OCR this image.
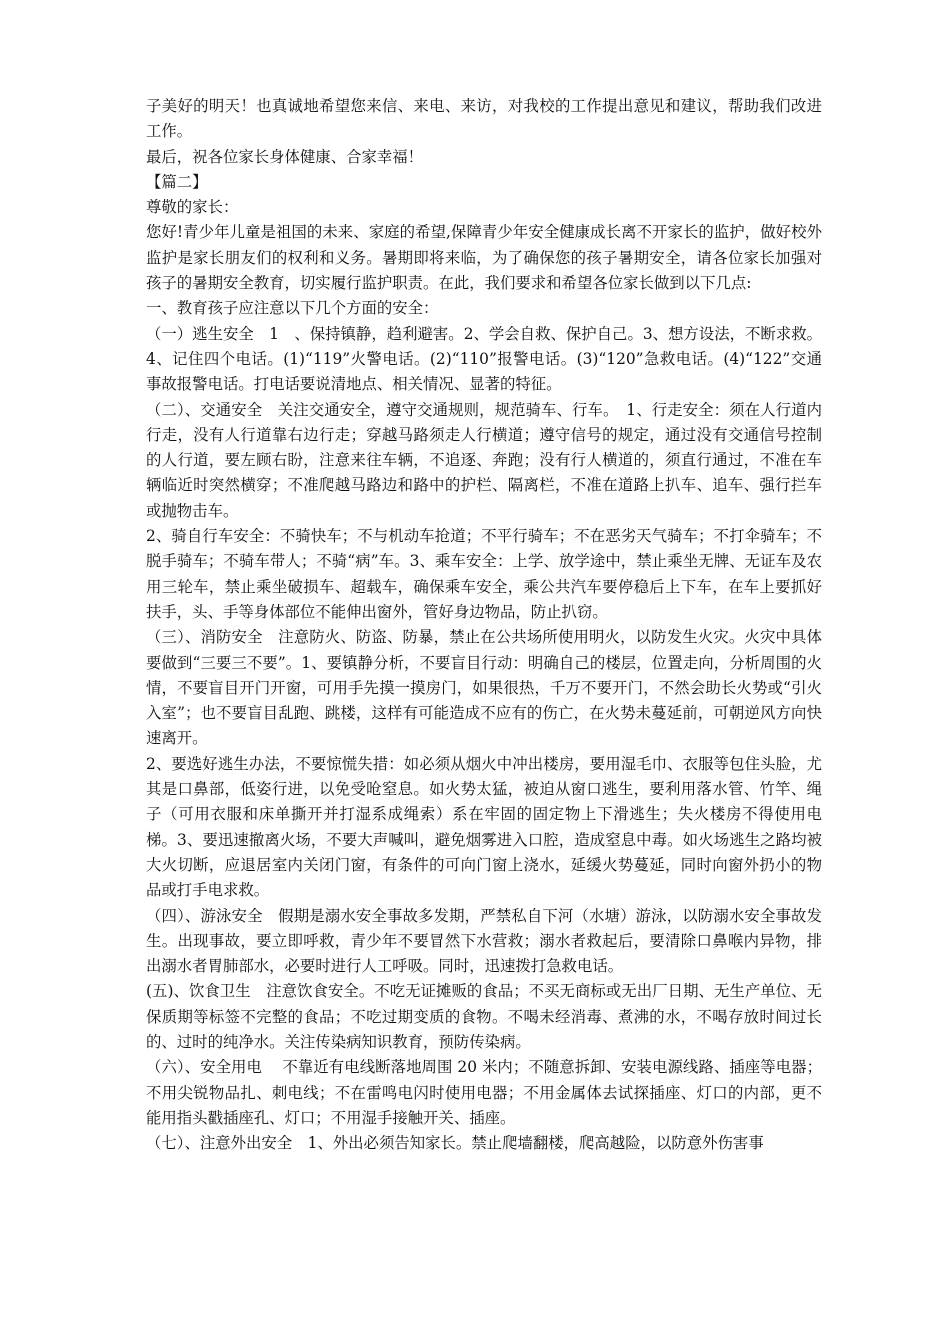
子美好的明天！也真诚地希望您来信、来电、来访，对我校的工作提出意见和建议，帮助我们改进工作。

最后，祝各位家长身体健康、合家幸福！

【篇二】

尊敬的家长：

您好!青少年儿童是祖国的未来、家庭的希望,保障青少年安全健康成长离不开家长的监护，做好校外监护是家长朋友们的权利和义务。暑期即将来临，为了确保您的孩子暑期安全，请各位家长加强对孩子的暑期安全教育，切实履行监护职责。在此，我们要求和希望各位家长做到以下几点:

一、教育孩子应注意以下几个方面的安全：

（一）逃生安全　1　、保持镇静，趋利避害。2、学会自救、保护自己。3、想方设法，不断求救。4、记住四个电话。(1)“119”火警电话。(2)“110”报警电话。(3)“120”急救电话。(4)“122”交通事故报警电话。打电话要说清地点、相关情况、显著的特征。

（二）、交通安全　关注交通安全，遵守交通规则，规范骑车、行车。　1、行走安全：须在人行道内行走，没有人行道靠右边行走；穿越马路须走人行横道；遵守信号的规定，通过没有交通信号控制的人行道，要左顾右盼，注意来往车辆，不追逐、奔跑；没有行人横道的，须直行通过，不准在车辆临近时突然横穿；不准爬越马路边和路中的护栏、隔离栏，不准在道路上扒车、追车、强行拦车或抛物击车。

2、骑自行车安全：不骑快车；不与机动车抢道；不平行骑车；不在恶劣天气骑车；不打伞骑车；不脱手骑车；不骑车带人；不骑“病”车。3、乘车安全：上学、放学途中，禁止乘坐无牌、无证车及农用三轮车，禁止乘坐破损车、超载车，确保乘车安全，乘公共汽车要停稳后上下车，在车上要抓好扶手，头、手等身体部位不能伸出窗外，管好身边物品，防止扒窃。

（三）、消防安全　注意防火、防盗、防暴，禁止在公共场所使用明火，以防发生火灾。火灾中具体要做到“三要三不要”。1、要镇静分析，不要盲目行动：明确自己的楼层，位置走向，分析周围的火情，不要盲目开门开窗，可用手先摸一摸房门，如果很热，千万不要开门，不然会助长火势或“引火入室”；也不要盲目乱跑、跳楼，这样有可能造成不应有的伤亡，在火势未蔓延前，可朝逆风方向快速离开。

2、要选好逃生办法，不要惊慌失措：如必须从烟火中冲出楼房，要用湿毛巾、衣服等包住头脸，尤其是口鼻部，低姿行进，以免受呛窒息。如火势太猛，被迫从窗口逃生，要利用落水管、竹竿、绳子（可用衣服和床单撕开并打湿系成绳索）系在牢固的固定物上下滑逃生；失火楼房不得使用电梯。3、要迅速撤离火场，不要大声喊叫，避免烟雾进入口腔，造成窒息中毒。如火场逃生之路均被大火切断，应退居室内关闭门窗，有条件的可向门窗上浇水，延缓火势蔓延，同时向窗外扔小的物品或打手电求救。

（四）、游泳安全　假期是溺水安全事故多发期，严禁私自下河（水塘）游泳，以防溺水安全事故发生。出现事故，要立即呼救，青少年不要冒然下水营救；溺水者救起后，要清除口鼻喉内异物，排出溺水者胃肺部水，必要时进行人工呼吸。同时，迅速拨打急救电话。

(五)、饮食卫生　注意饮食安全。不吃无证摊贩的食品；不买无商标或无出厂日期、无生产单位、无保质期等标签不完整的食品；不吃过期变质的食物。不喝未经消毒、煮沸的水，不喝存放时间过长的、过时的纯净水。关注传染病知识教育，预防传染病。

（六）、安全用电　 不靠近有电线断落地周围 20 米内；不随意拆卸、安装电源线路、插座等电器；不用尖锐物品扎、刺电线；不在雷鸣电闪时使用电器；不用金属体去试探插座、灯口的内部，更不能用指头戳插座孔、灯口；不用湿手接触开关、插座。

（七）、注意外出安全　1、外出必须告知家长。禁止爬墙翻楼，爬高越险，以防意外伤害事
